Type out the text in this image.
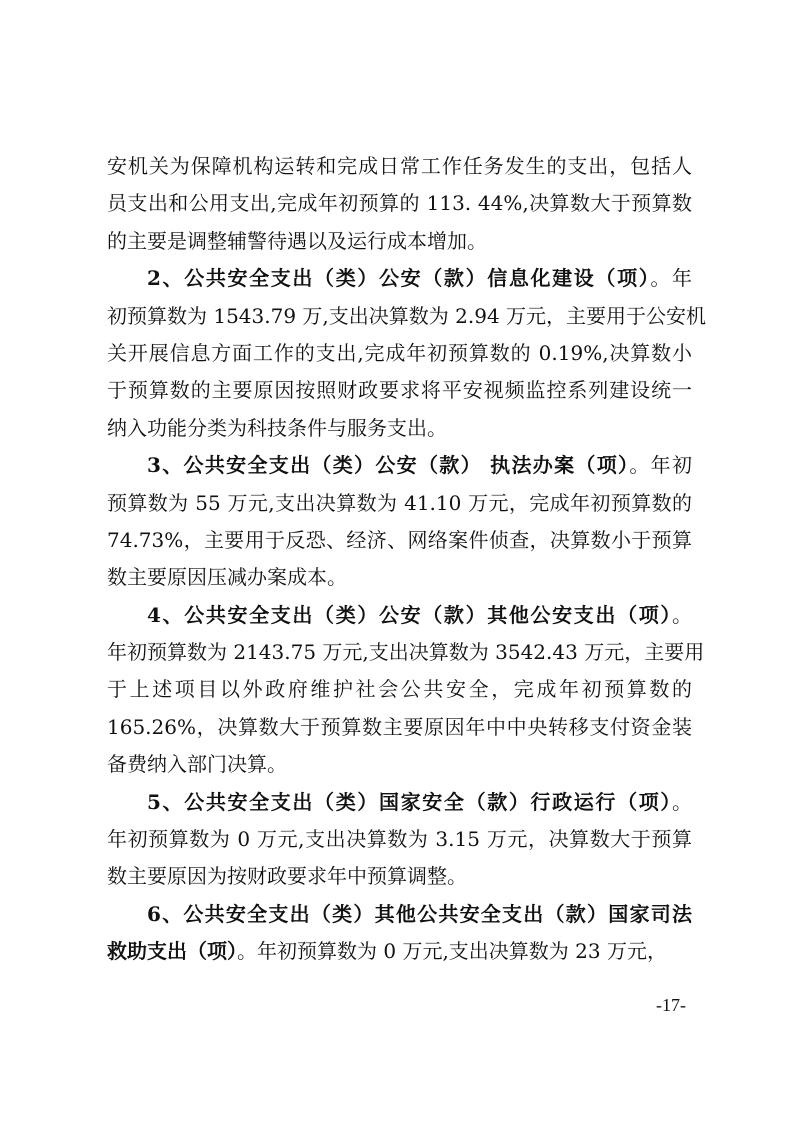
安机关为保障机构运转和完成日常工作任务发生的支出，包括人
员支出和公用支出,完成年初预算的 113. 44%,决算数大于预算数
的主要是调整辅警待遇以及运行成本增加。
2、公共安全支出（类）公安（款）信息化建设（项）。年
初预算数为 1543.79 万,支出决算数为 2.94 万元，主要用于公安机
关开展信息方面工作的支出,完成年初预算数的 0.19%,决算数小
于预算数的主要原因按照财政要求将平安视频监控系列建设统一
纳入功能分类为科技条件与服务支出。
3、公共安全支出（类）公安（款） 执法办案（项）。年初
预算数为 55 万元,支出决算数为 41.10 万元，完成年初预算数的
74.73%，主要用于反恐、经济、网络案件侦查，决算数小于预算
数主要原因压减办案成本。
4、公共安全支出（类）公安（款）其他公安支出（项）。
年初预算数为 2143.75 万元,支出决算数为 3542.43 万元，主要用
于上述项目以外政府维护社会公共安全，完成年初预算数的
165.26%，决算数大于预算数主要原因年中中央转移支付资金装
备费纳入部门决算。
5、公共安全支出（类）国家安全（款）行政运行（项）。
年初预算数为 0 万元,支出决算数为 3.15 万元，决算数大于预算
数主要原因为按财政要求年中预算调整。
6、公共安全支出（类）其他公共安全支出（款）国家司法
救助支出（项）。年初预算数为 0 万元,支出决算数为 23 万元，
-17-
